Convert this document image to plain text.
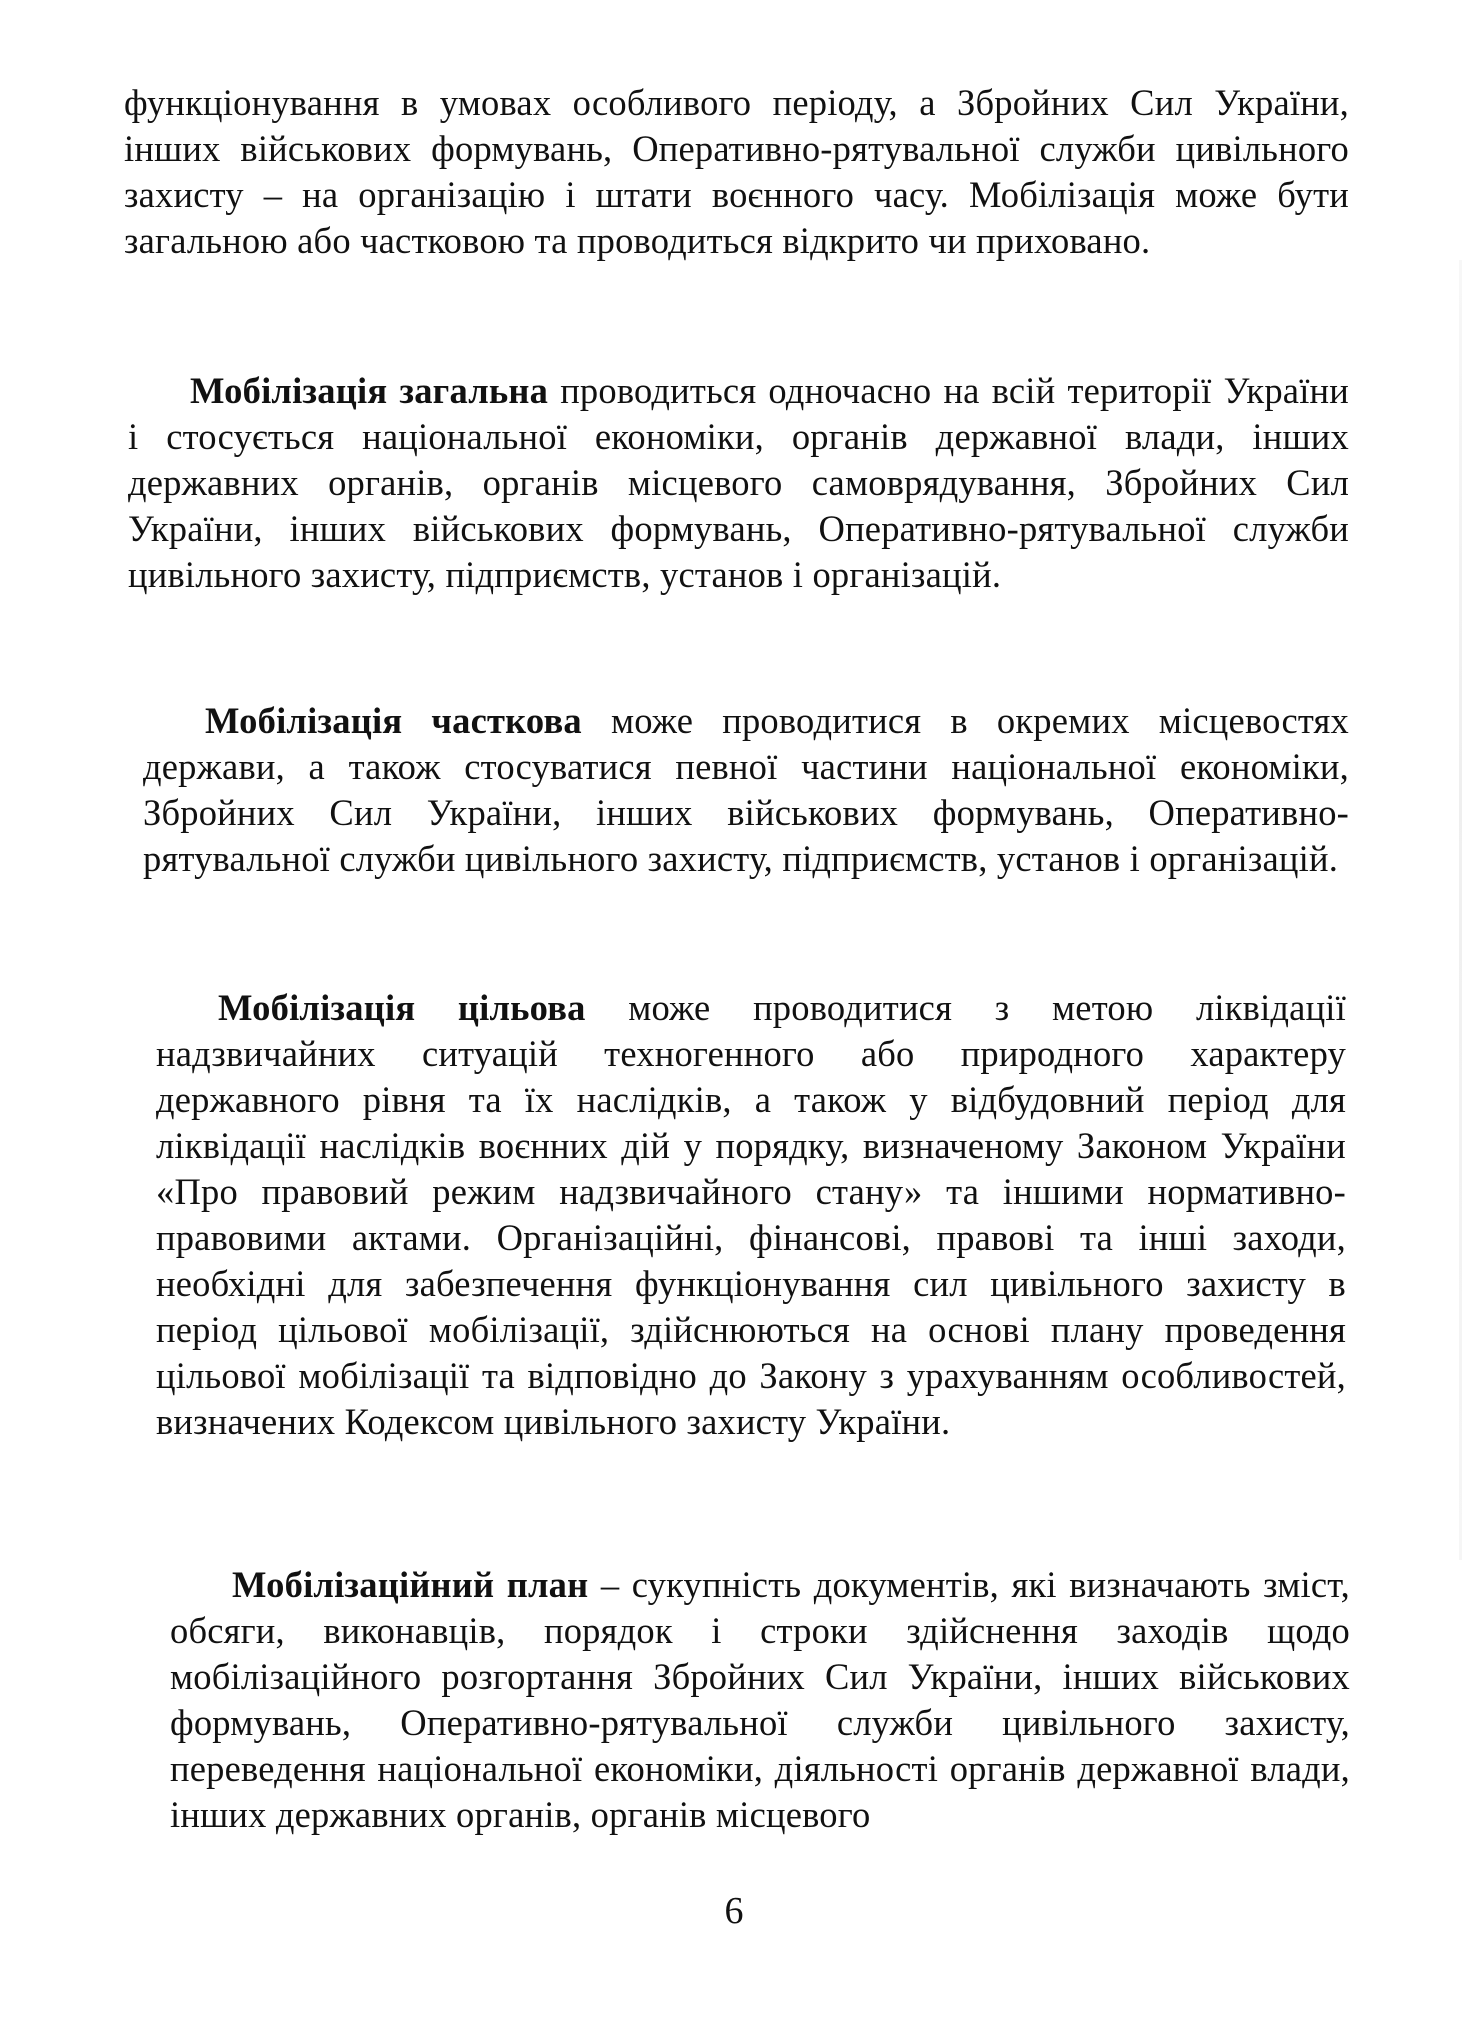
функціонування в умовах особливого періоду, а Збройних Сил України, інших військових формувань, Оперативно-рятувальної служби цивільного захисту – на організацію і штати воєнного часу. Мобілізація може бути загальною або частковою та проводиться відкрито чи приховано.

Мобілізація загальна проводиться одночасно на всій території України і стосується національної економіки, органів державної влади, інших державних органів, органів місцевого самоврядування, Збройних Сил України, інших військових формувань, Оперативно-рятувальної служби цивільного захисту, підприємств, установ і організацій.

Мобілізація часткова може проводитися в окремих місцевостях держави, а також стосуватися певної частини національної економіки, Збройних Сил України, інших військових формувань, Оперативно-рятувальної служби цивільного захисту, підприємств, установ і організацій.

Мобілізація цільова може проводитися з метою ліквідації надзвичайних ситуацій техногенного або природного характеру державного рівня та їх наслідків, а також у відбудовний період для ліквідації наслідків воєнних дій у порядку, визначеному Законом України «Про правовий режим надзвичайного стану» та іншими нормативно-правовими актами. Організаційні, фінансові, правові та інші заходи, необхідні для забезпечення функціонування сил цивільного захисту в період цільової мобілізації, здійснюються на основі плану проведення цільової мобілізації та відповідно до Закону з урахуванням особливостей, визначених Кодексом цивільного захисту України.

Мобілізаційний план – сукупність документів, які визначають зміст, обсяги, виконавців, порядок і строки здійснення заходів щодо мобілізаційного розгортання Збройних Сил України, інших військових формувань, Оперативно-рятувальної служби цивільного захисту, переведення національної економіки, діяльності органів державної влади, інших державних органів, органів місцевого

6
